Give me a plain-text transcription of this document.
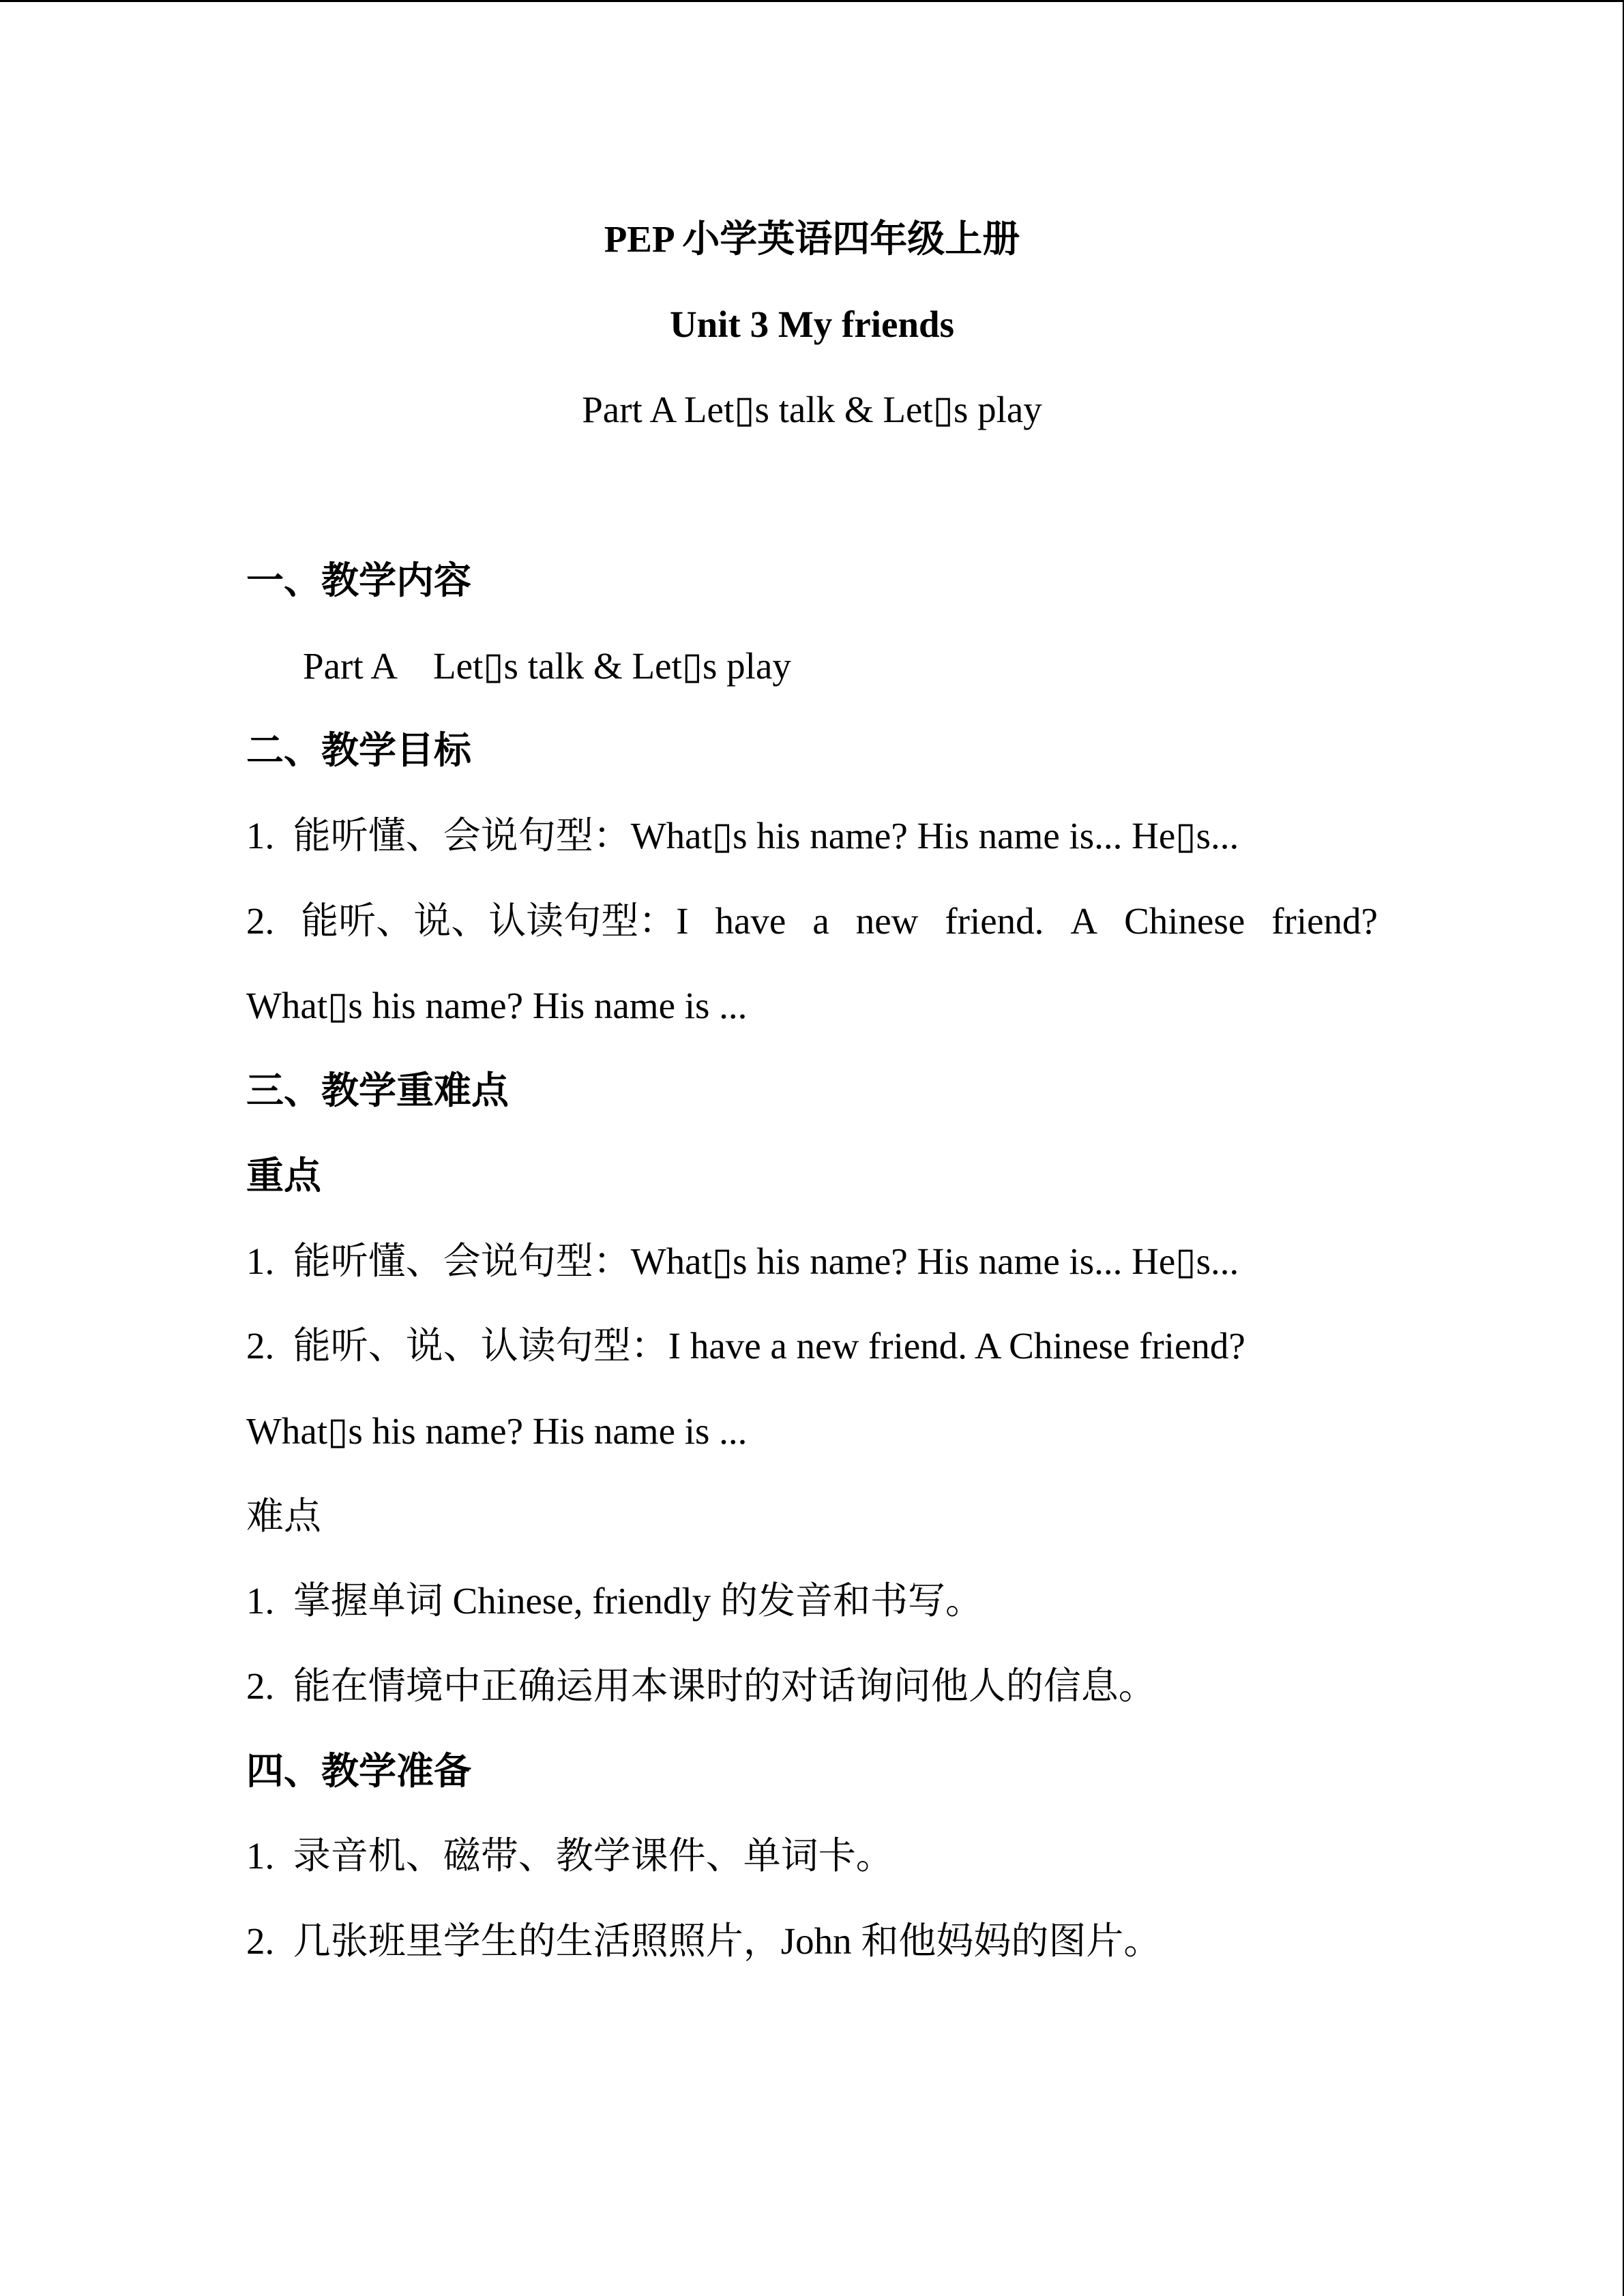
PEP 小学英语四年级上册
Unit 3 My friends
Part A Let▯s talk & Let▯s play
一、教学内容
Part A    Let▯s talk & Let▯s play
二、教学目标
1.  能听懂、会说句型：What▯s his name? His name is... He▯s...
2. 能听、说、认读句型：I have a new friend. A Chinese friend?
What▯s his name? His name is ...
三、教学重难点
重点
1.  能听懂、会说句型：What▯s his name? His name is... He▯s...
2.  能听、说、认读句型：I have a new friend. A Chinese friend?
What▯s his name? His name is ...
难点
1.  掌握单词 Chinese, friendly 的发音和书写。
2.  能在情境中正确运用本课时的对话询问他人的信息。
四、教学准备
1.  录音机、磁带、教学课件、单词卡。
2.  几张班里学生的生活照照片，John 和他妈妈的图片。
